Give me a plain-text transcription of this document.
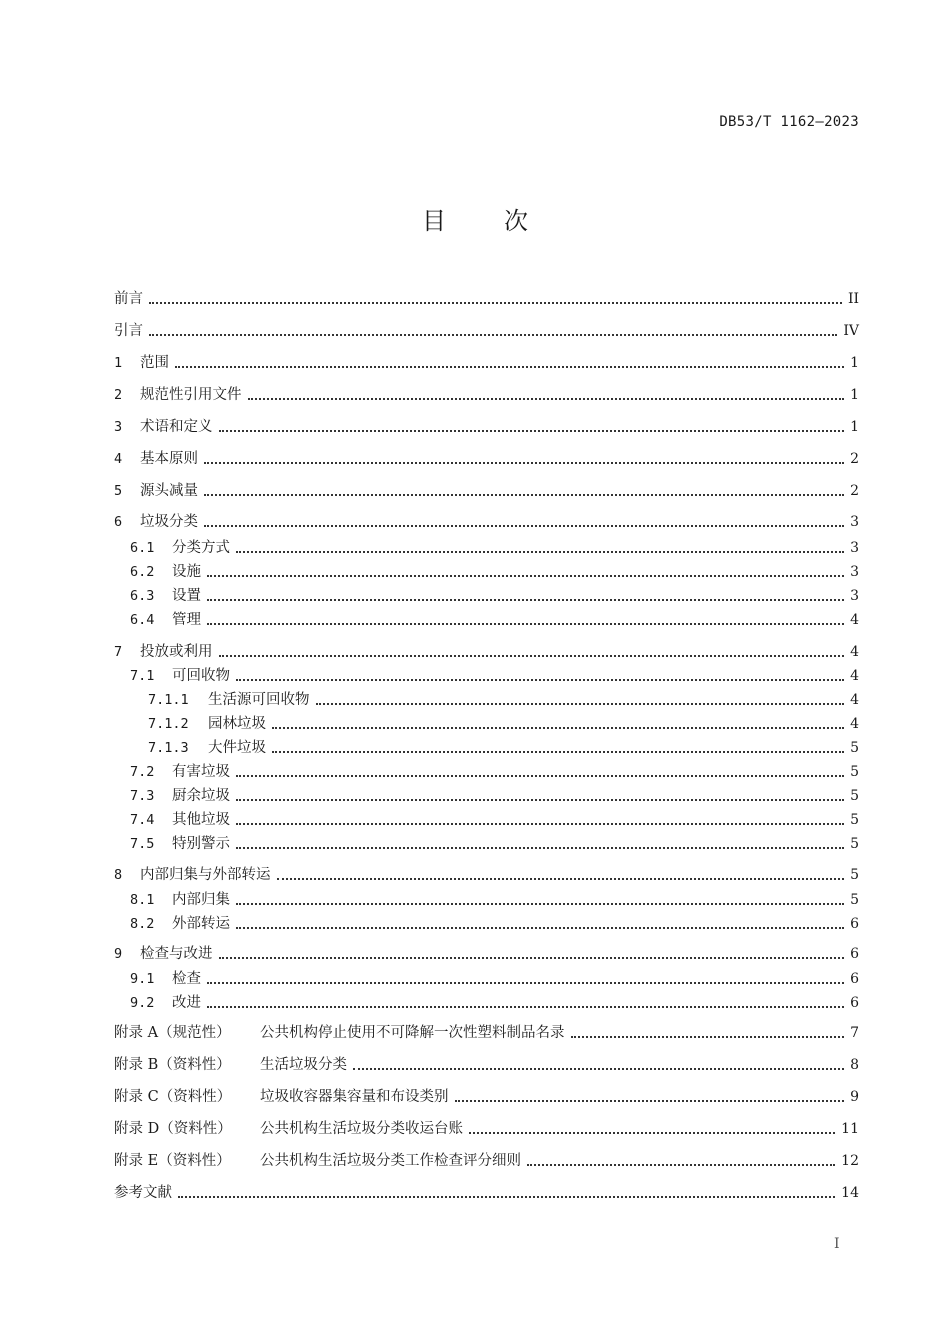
DB53/T 1162—2023
目 次
前言	II
引言	IV
1	范围	1
2	规范性引用文件	1
3	术语和定义	1
4	基本原则	2
5	源头减量	2
6	垃圾分类	3
6.1	分类方式	3
6.2	设施	3
6.3	设置	3
6.4	管理	4
7	投放或利用	4
7.1	可回收物	4
7.1.1	生活源可回收物	4
7.1.2	园林垃圾	4
7.1.3	大件垃圾	5
7.2	有害垃圾	5
7.3	厨余垃圾	5
7.4	其他垃圾	5
7.5	特别警示	5
8	内部归集与外部转运	5
8.1	内部归集	5
8.2	外部转运	6
9	检查与改进	6
9.1	检查	6
9.2	改进	6
附录 A（规范性）	公共机构停止使用不可降解一次性塑料制品名录	7
附录 B（资料性）	生活垃圾分类	8
附录 C（资料性）	垃圾收容器集容量和布设类别	9
附录 D（资料性）	公共机构生活垃圾分类收运台账	11
附录 E（资料性）	公共机构生活垃圾分类工作检查评分细则	12
参考文献	14
I
